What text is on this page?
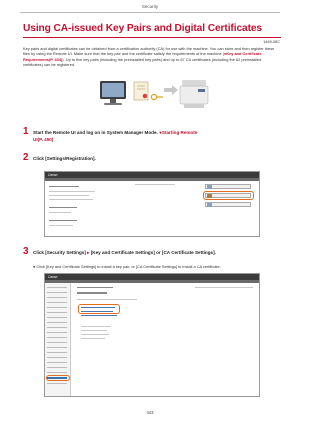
Security
Using CA-issued Key Pairs and Digital Certificates
1469-08C
Key pairs and digital certificates can be obtained from a certification authority (CA) for use with the machine. You can store and then register these files by using the Remote UI. Make sure that the key pair and the certificate satisfy the requirements of the machine (●Key and Certificate Requirements(P. 434)). Up to five key pairs (including the preinstalled key pairs) and up to 67 CA certificates (including the 62 preinstalled certificates) can be registered.
1 Start the Remote UI and log on in System Manager Mode. ●Starting Remote
UI(P. 450)
2 Click [Settings/Registration].
Canon
3 Click [Security Settings] ▸ [Key and Certificate Settings] or [CA Certificate Settings].
● Click [Key and Certificate Settings] to install a key pair, or [CA Certificate Settings] to install a CA certificate.
Canon
443
